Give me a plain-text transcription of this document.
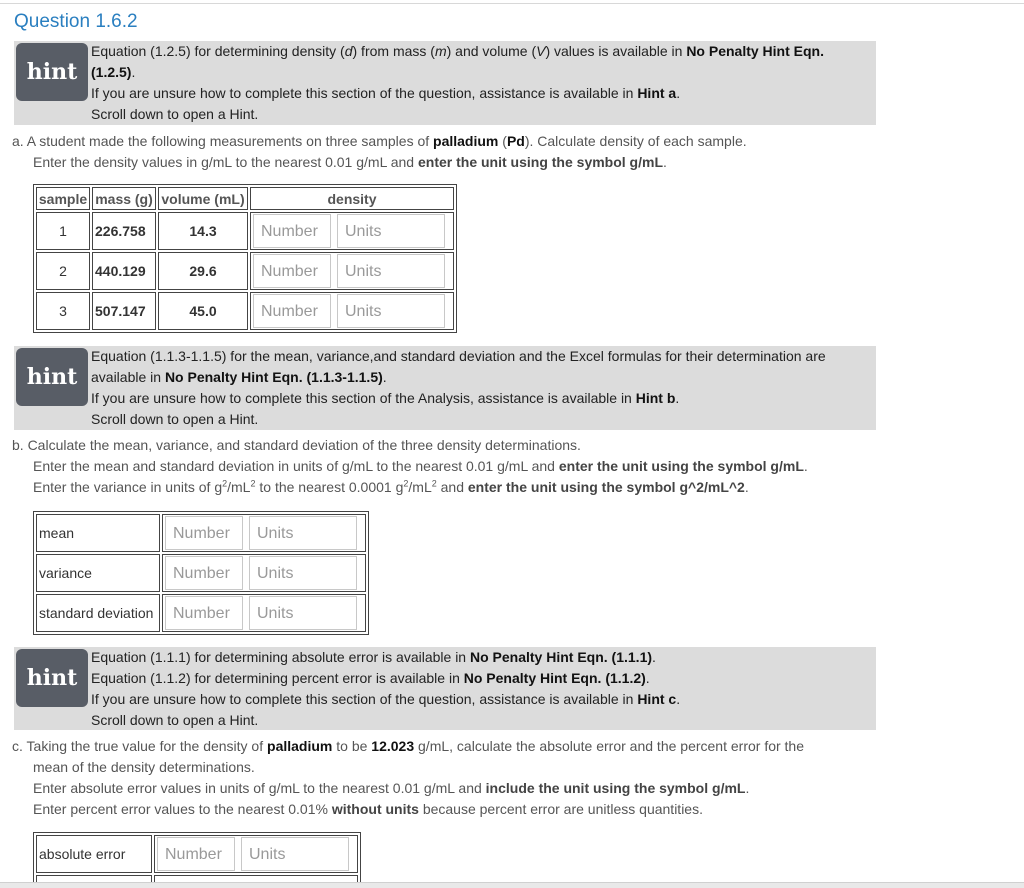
Question 1.6.2
hint
Equation (1.2.5) for determining density (d) from mass (m) and volume (V) values is available in No Penalty Hint Eqn.
(1.2.5).
If you are unsure how to complete this section of the question, assistance is available in Hint a.
Scroll down to open a Hint.
a. A student made the following measurements on three samples of palladium (Pd). Calculate density of each sample.
Enter the density values in g/mL to the nearest 0.01 g/mL and enter the unit using the symbol g/mL.
sample	mass (g)	volume (mL)	density
1	226.758	14.3	Number Units
2	440.129	29.6	Number Units
3	507.147	45.0	Number Units
hint
Equation (1.1.3-1.1.5) for the mean, variance,and standard deviation and the Excel formulas for their determination are
available in No Penalty Hint Eqn. (1.1.3-1.1.5).
If you are unsure how to complete this section of the Analysis, assistance is available in Hint b.
Scroll down to open a Hint.
b. Calculate the mean, variance, and standard deviation of the three density determinations.
Enter the mean and standard deviation in units of g/mL to the nearest 0.01 g/mL and enter the unit using the symbol g/mL.
Enter the variance in units of $g^2/mL^2$ to the nearest 0.0001 $g^2/mL^2$ and enter the unit using the symbol g^2/mL^2.
mean	Number Units
variance	Number Units
standard deviation	Number Units
hint
Equation (1.1.1) for determining absolute error is available in No Penalty Hint Eqn. (1.1.1).
Equation (1.1.2) for determining percent error is available in No Penalty Hint Eqn. (1.1.2).
If you are unsure how to complete this section of the question, assistance is available in Hint c.
Scroll down to open a Hint.
c. Taking the true value for the density of palladium to be 12.023 g/mL, calculate the absolute error and the percent error for the
mean of the density determinations.
Enter absolute error values in units of g/mL to the nearest 0.01 g/mL and include the unit using the symbol g/mL.
Enter percent error values to the nearest 0.01% without units because percent error are unitless quantities.
absolute error	Number Units
